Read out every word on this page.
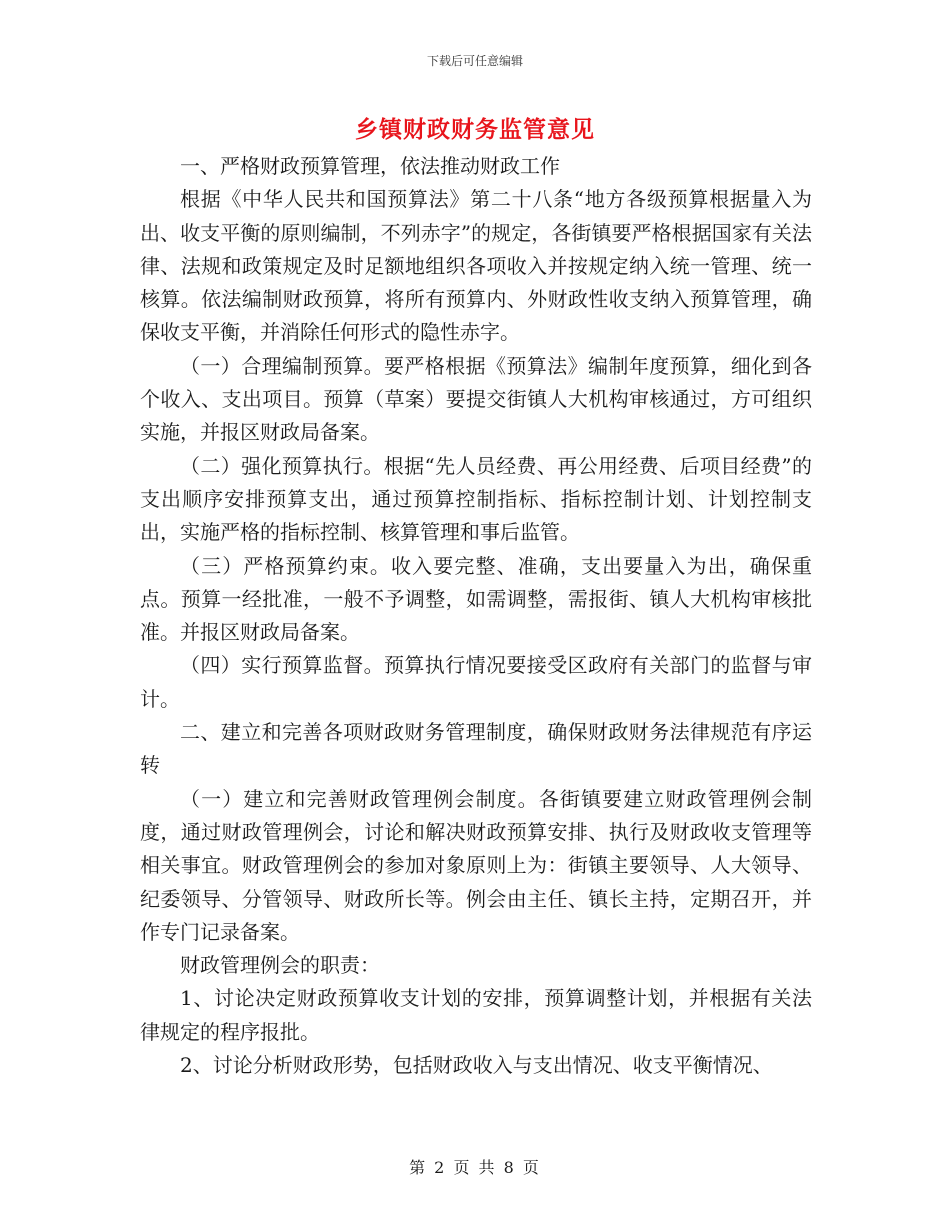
下载后可任意编辑
乡镇财政财务监管意见

一、严格财政预算管理，依法推动财政工作

根据《中华人民共和国预算法》第二十八条“地方各级预算根据量入为出、收支平衡的原则编制，不列赤字”的规定，各街镇要严格根据国家有关法律、法规和政策规定及时足额地组织各项收入并按规定纳入统一管理、统一核算。依法编制财政预算，将所有预算内、外财政性收支纳入预算管理，确保收支平衡，并消除任何形式的隐性赤字。

（一）合理编制预算。要严格根据《预算法》编制年度预算，细化到各个收入、支出项目。预算（草案）要提交街镇人大机构审核通过，方可组织实施，并报区财政局备案。

（二）强化预算执行。根据“先人员经费、再公用经费、后项目经费”的支出顺序安排预算支出，通过预算控制指标、指标控制计划、计划控制支出，实施严格的指标控制、核算管理和事后监管。

（三）严格预算约束。收入要完整、准确，支出要量入为出，确保重点。预算一经批准，一般不予调整，如需调整，需报街、镇人大机构审核批准。并报区财政局备案。

（四）实行预算监督。预算执行情况要接受区政府有关部门的监督与审计。

二、建立和完善各项财政财务管理制度，确保财政财务法律规范有序运转

（一）建立和完善财政管理例会制度。各街镇要建立财政管理例会制度，通过财政管理例会，讨论和解决财政预算安排、执行及财政收支管理等相关事宜。财政管理例会的参加对象原则上为：街镇主要领导、人大领导、纪委领导、分管领导、财政所长等。例会由主任、镇长主持，定期召开，并作专门记录备案。

财政管理例会的职责：

1、讨论决定财政预算收支计划的安排，预算调整计划，并根据有关法律规定的程序报批。

2、讨论分析财政形势，包括财政收入与支出情况、收支平衡情况、

第 2 页 共 8 页
